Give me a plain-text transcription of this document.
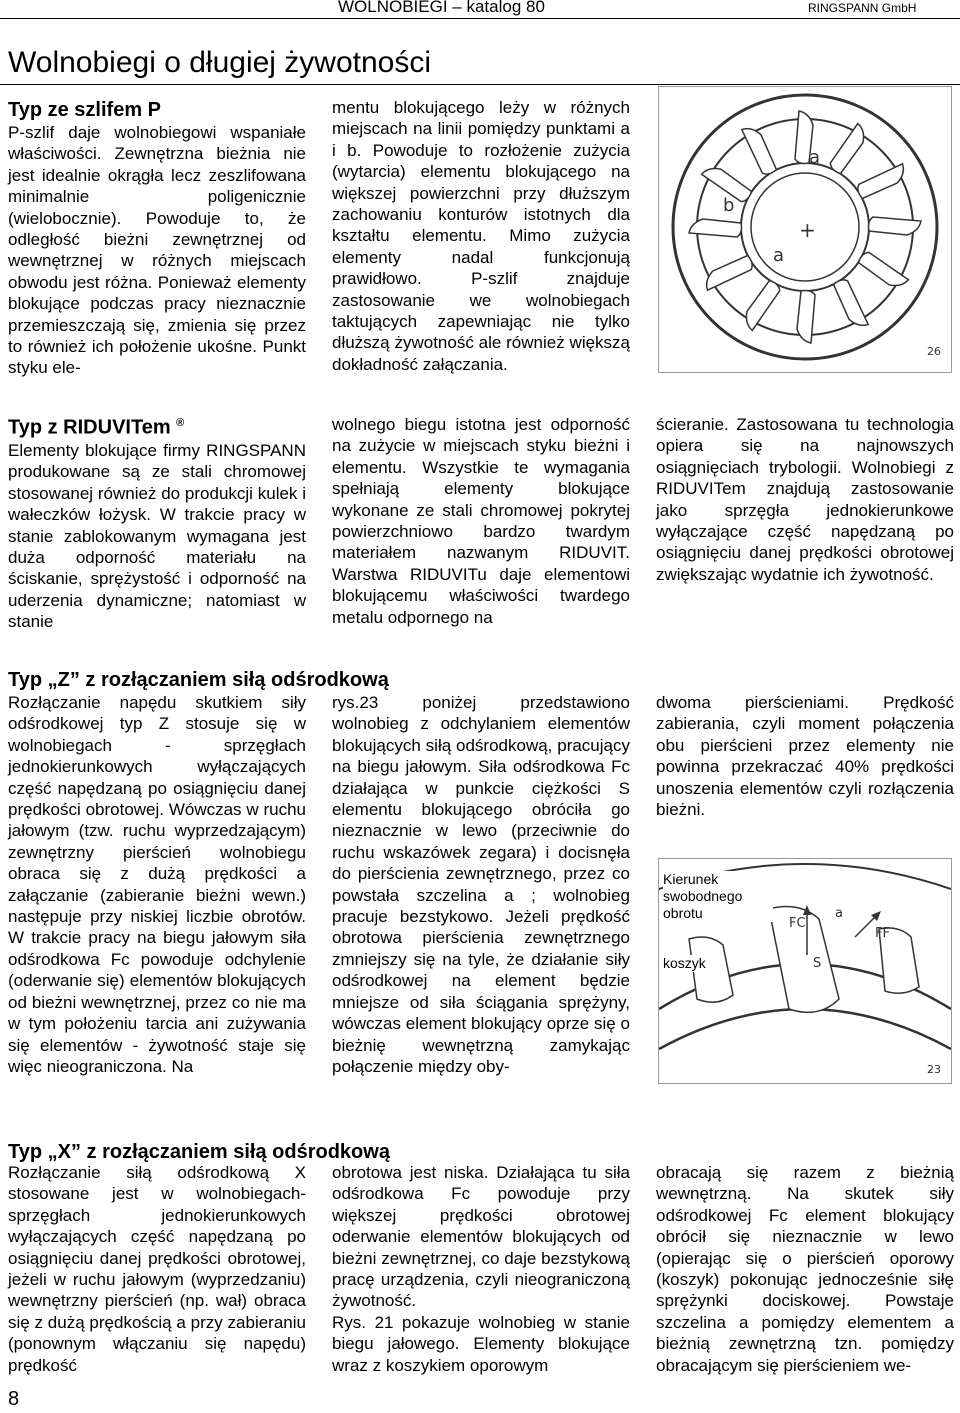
WOLNOBIEGI – katalog 80	RINGSPANN GmbH
Wolnobiegi o długiej żywotności
Typ ze szlifem P
P-szlif daje wolnobiegowi wspaniałe właściwości. Zewnętrzna bieżnia nie jest idealnie okrągła lecz zeszlifowana minimalnie poligenicznie (wielobocznie). Powoduje to, że odległość bieżni zewnętrznej od wewnętrznej w różnych miejscach obwodu jest różna. Ponieważ elementy blokujące podczas pracy nieznacznie przemieszczają się, zmienia się przez to również ich położenie ukośne. Punkt styku ele-
mentu blokującego leży w różnych miejscach na linii pomiędzy punktami a i b. Powoduje to rozłożenie zużycia (wytarcia) elementu blokującego na większej powierzchni przy dłuższym zachowaniu konturów istotnych dla kształtu elementu. Mimo zużycia elementy nadal funkcjonują prawidłowo. P-szlif znajduje zastosowanie we wolnobiegach taktujących zapewniając nie tylko dłuższą żywotność ale również większą dokładność załączania.
a
b
a
+
26
Typ z RIDUVITem ®
Elementy blokujące firmy RINGSPANN produkowane są ze stali chromowej stosowanej również do produkcji kulek i wałeczków łożysk. W trakcie pracy w stanie zablokowanym wymagana jest duża odporność materiału na ściskanie, sprężystość i odporność na uderzenia dynamiczne; natomiast w stanie
wolnego biegu istotna jest odporność na zużycie w miejscach styku bieżni i elementu. Wszystkie te wymagania spełniają elementy blokujące wykonane ze stali chromowej pokrytej powierzchniowo bardzo twardym materiałem nazwanym RIDUVIT. Warstwa RIDUVITu daje elementowi blokującemu właściwości twardego metalu odpornego na
ścieranie. Zastosowana tu technologia opiera się na najnowszych osiągnięciach trybologii. Wolnobiegi z RIDUVITem znajdują zastosowanie jako sprzęgła jednokierunkowe wyłączające część napędzaną po osiągnięciu danej prędkości obrotowej zwiększając wydatnie ich żywotność.
Typ „Z” z rozłączaniem siłą odśrodkową
Rozłączanie napędu skutkiem siły odśrodkowej typ Z stosuje się w wolnobiegach - sprzęgłach jednokierunkowych wyłączających część napędzaną po osiągnięciu danej prędkości obrotowej. Wówczas w ruchu jałowym (tzw. ruchu wyprzedzającym) zewnętrzny pierścień wolnobiegu obraca się z dużą prędkości a załączanie (zabieranie bieżni wewn.) następuje przy niskiej liczbie obrotów. W trakcie pracy na biegu jałowym siła odśrodkowa Fc powoduje odchylenie (oderwanie się) elementów blokujących od bieżni wewnętrznej, przez co nie ma w tym położeniu tarcia ani zużywania się elementów - żywotność staje się więc nieograniczona. Na
rys.23 poniżej przedstawiono wolnobieg z odchylaniem elementów blokujących siłą odśrodkową, pracujący na biegu jałowym. Siła odśrodkowa Fc działająca w punkcie ciężkości S elementu blokującego obróciła go nieznacznie w lewo (przeciwnie do ruchu wskazówek zegara) i docisnęła do pierścienia zewnętrznego, przez co powstała szczelina a ; wolnobieg pracuje bezstykowo. Jeżeli prędkość obrotowa pierścienia zewnętrznego zmniejszy się na tyle, że działanie siły odśrodkowej na element będzie mniejsze od siła ściągania sprężyny, wówczas element blokujący oprze się o bieżnię wewnętrzną zamykając połączenie między oby-
dwoma pierścieniami. Prędkość zabierania, czyli moment połączenia obu pierścieni przez elementy nie powinna przekraczać 40% prędkości unoszenia elementów czyli rozłączenia bieżni.
FC
FF
S
a
23
Kierunek swobodnego obrotu
koszyk
Typ „X” z rozłączaniem siłą odśrodkową
Rozłączanie siłą odśrodkową X stosowane jest w wolnobiegach-sprzęgłach jednokierunkowych wyłączających część napędzaną po osiągnięciu danej prędkości obrotowej, jeżeli w ruchu jałowym (wyprzedzaniu) wewnętrzny pierścień (np. wał) obraca się z dużą prędkością a przy zabieraniu (ponownym włączaniu się napędu) prędkość
obrotowa jest niska. Działająca tu siła odśrodkowa Fc powoduje przy większej prędkości obrotowej oderwanie elementów blokujących od bieżni zewnętrznej, co daje bezstykową pracę urządzenia, czyli nieograniczoną żywotność.
Rys. 21 pokazuje wolnobieg w stanie biegu jałowego. Elementy blokujące wraz z koszykiem oporowym
obracają się razem z bieżnią wewnętrzną. Na skutek siły odśrodkowej Fc element blokujący obrócił się nieznacznie w lewo (opierając się o pierścień oporowy (koszyk) pokonując jednocześnie siłę sprężynki dociskowej. Powstaje szczelina a pomiędzy elementem a bieżnią zewnętrzną tzn. pomiędzy obracającym się pierścieniem we-
8
